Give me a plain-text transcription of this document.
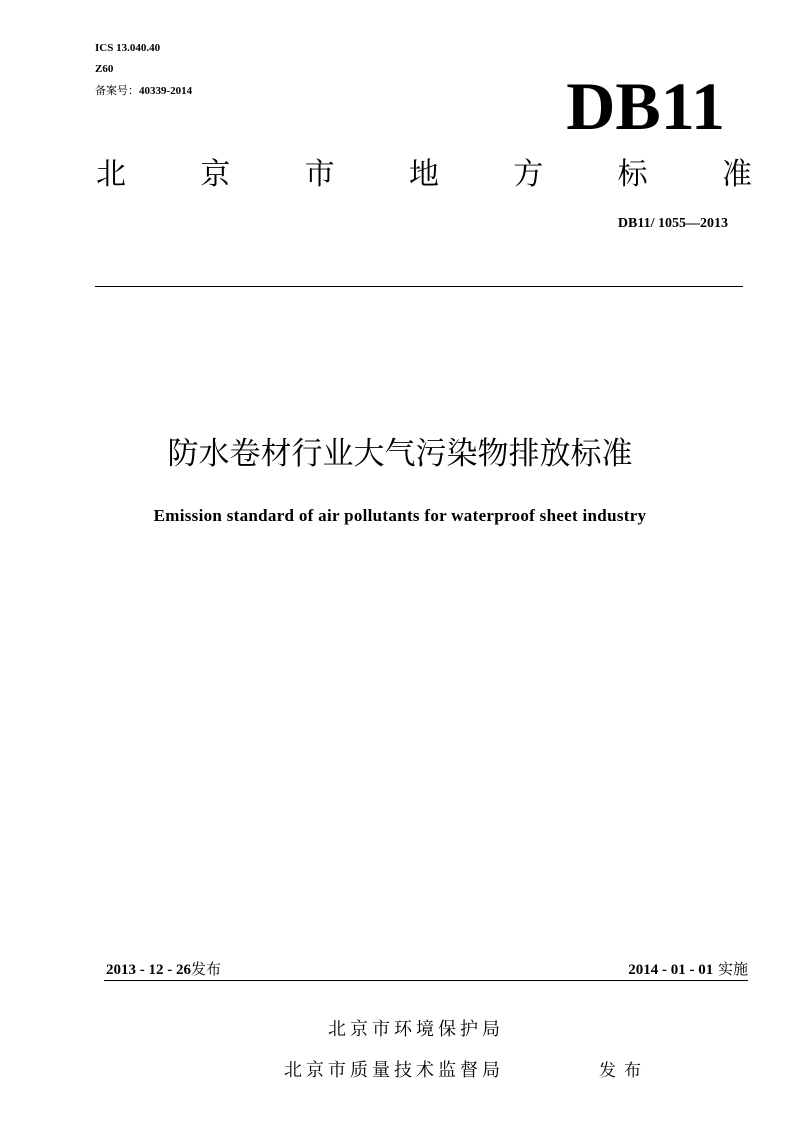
ICS 13.040.40
Z60
备案号：40339-2014	DB11
北 京 市 地 方 标 准
DB11/ 1055—2013
防水卷材行业大气污染物排放标准
Emission standard of air pollutants for waterproof sheet industry
2013 - 12 - 26发布	2014 - 01 - 01 实施
北京市环境保护局
北京市质量技术监督局	发布
